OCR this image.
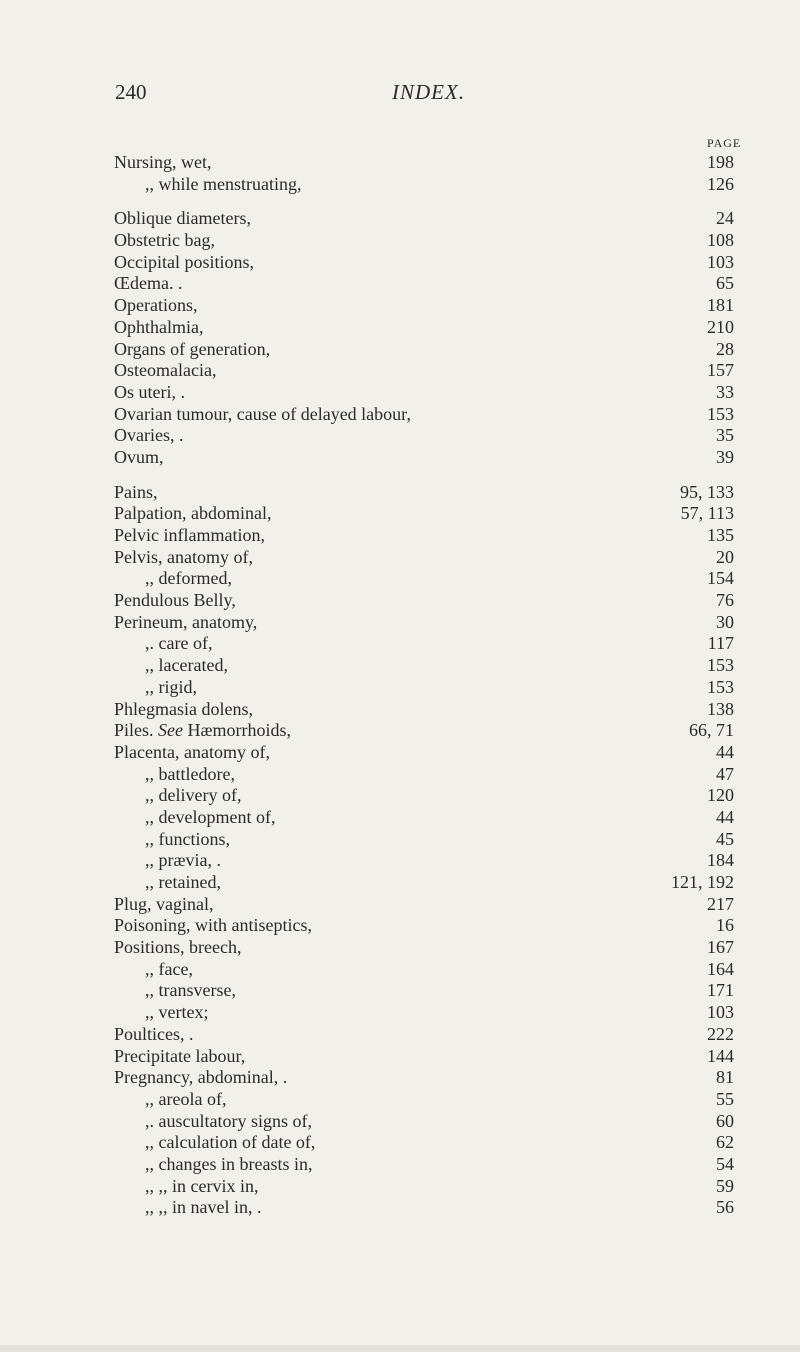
240	INDEX.
PAGE
Nursing, wet,	198
,, while menstruating,	126
Oblique diameters,	24
Obstetric bag,	108
Occipital positions,	103
Œdema. .	65
Operations,	181
Ophthalmia,	210
Organs of generation,	28
Osteomalacia,	157
Os uteri, .	33
Ovarian tumour, cause of delayed labour,	153
Ovaries, .	35
Ovum,	39
Pains,	95, 133
Palpation, abdominal,	57, 113
Pelvic inflammation,	135
Pelvis, anatomy of,	20
,, deformed,	154
Pendulous Belly,	76
Perineum, anatomy,	30
,. care of,	117
,, lacerated,	153
,, rigid,	153
Phlegmasia dolens,	138
Piles. See Hæmorrhoids,	66, 71
Placenta, anatomy of,	44
,, battledore,	47
,, delivery of,	120
,, development of,	44
,, functions,	45
,, prævia, .	184
,, retained,	121, 192
Plug, vaginal,	217
Poisoning, with antiseptics,	16
Positions, breech,	167
,, face,	164
,, transverse,	171
,, vertex;	103
Poultices, .	222
Precipitate labour,	144
Pregnancy, abdominal, .	81
,, areola of,	55
,. auscultatory signs of,	60
,, calculation of date of,	62
,, changes in breasts in,	54
,, ,, in cervix in,	59
,, ,, in navel in, .	56
